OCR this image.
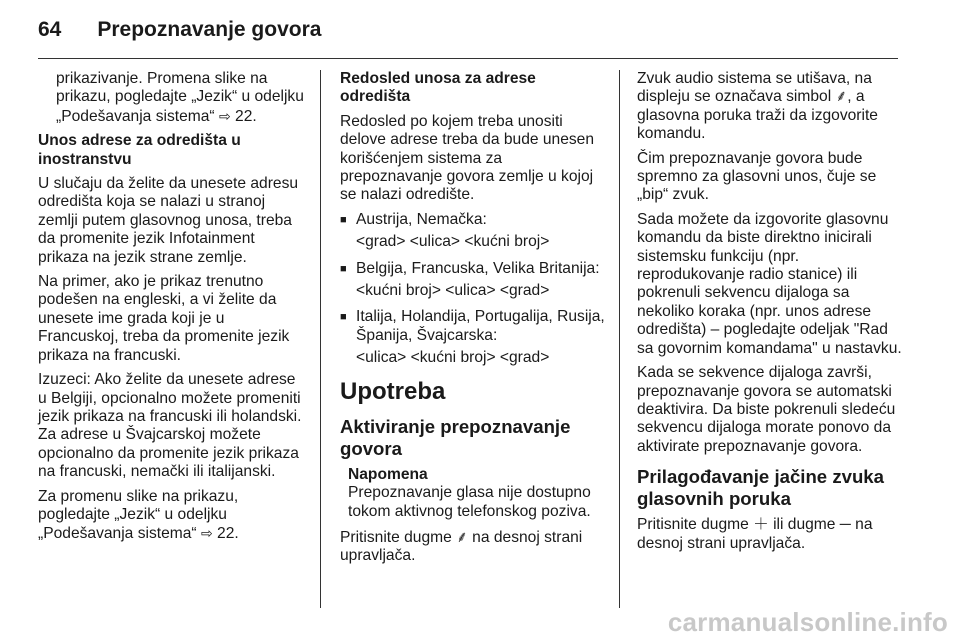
64 Prepoznavanje govora

prikazivanje. Promena slike na prikazu, pogledajte „Jezik“ u odeljku „Podešavanja sistema“ ⇨ 22.

Unos adrese za odredišta u inostranstvu

U slučaju da želite da unesete adresu odredišta koja se nalazi u stranoj zemlji putem glasovnog unosa, treba da promenite jezik Infotainment prikaza na jezik strane zemlje.

Na primer, ako je prikaz trenutno podešen na engleski, a vi želite da unesete ime grada koji je u Francuskoj, treba da promenite jezik prikaza na francuski.

Izuzeci: Ako želite da unesete adrese u Belgiji, opcionalno možete promeniti jezik prikaza na francuski ili holandski. Za adrese u Švajcarskoj možete opcionalno da promenite jezik prikaza na francuski, nemački ili italijanski.

Za promenu slike na prikazu, pogledajte „Jezik“ u odeljku „Podešavanja sistema“ ⇨ 22.

Redosled unosa za adrese odredišta

Redosled po kojem treba unositi delove adrese treba da bude unesen korišćenjem sistema za prepoznavanje govora zemlje u kojoj se nalazi odredište.

■ Austrija, Nemačka:
<grad> <ulica> <kućni broj>
■ Belgija, Francuska, Velika Britanija:
<kućni broj> <ulica> <grad>
■ Italija, Holandija, Portugalija, Rusija, Španija, Švajcarska:
<ulica> <kućni broj> <grad>
Upotreba
Aktiviranje prepoznavanje govora
Napomena
Prepoznavanje glasa nije dostupno tokom aktivnog telefonskog poziva.

Pritisnite dugme ⸙ na desnoj strani upravljača.

Zvuk audio sistema se utišava, na displeju se označava simbol ⸙, a glasovna poruka traži da izgovorite komandu.

Čim prepoznavanje govora bude spremno za glasovni unos, čuje se „bip“ zvuk.

Sada možete da izgovorite glasovnu komandu da biste direktno inicirali sistemsku funkciju (npr. reprodukovanje radio stanice) ili pokrenuli sekvencu dijaloga sa nekoliko koraka (npr. unos adrese odredišta) – pogledajte odeljak "Rad sa govornim komandama" u nastavku.

Kada se sekvence dijaloga završi, prepoznavanje govora se automatski deaktivira. Da biste pokrenuli sledeću sekvencu dijaloga morate ponovo da aktivirate prepoznavanje govora.

Prilagođavanje jačine zvuka glasovnih poruka

Pritisnite dugme ＋ ili dugme ─ na desnoj strani upravljača.

carmanualsonline.info
